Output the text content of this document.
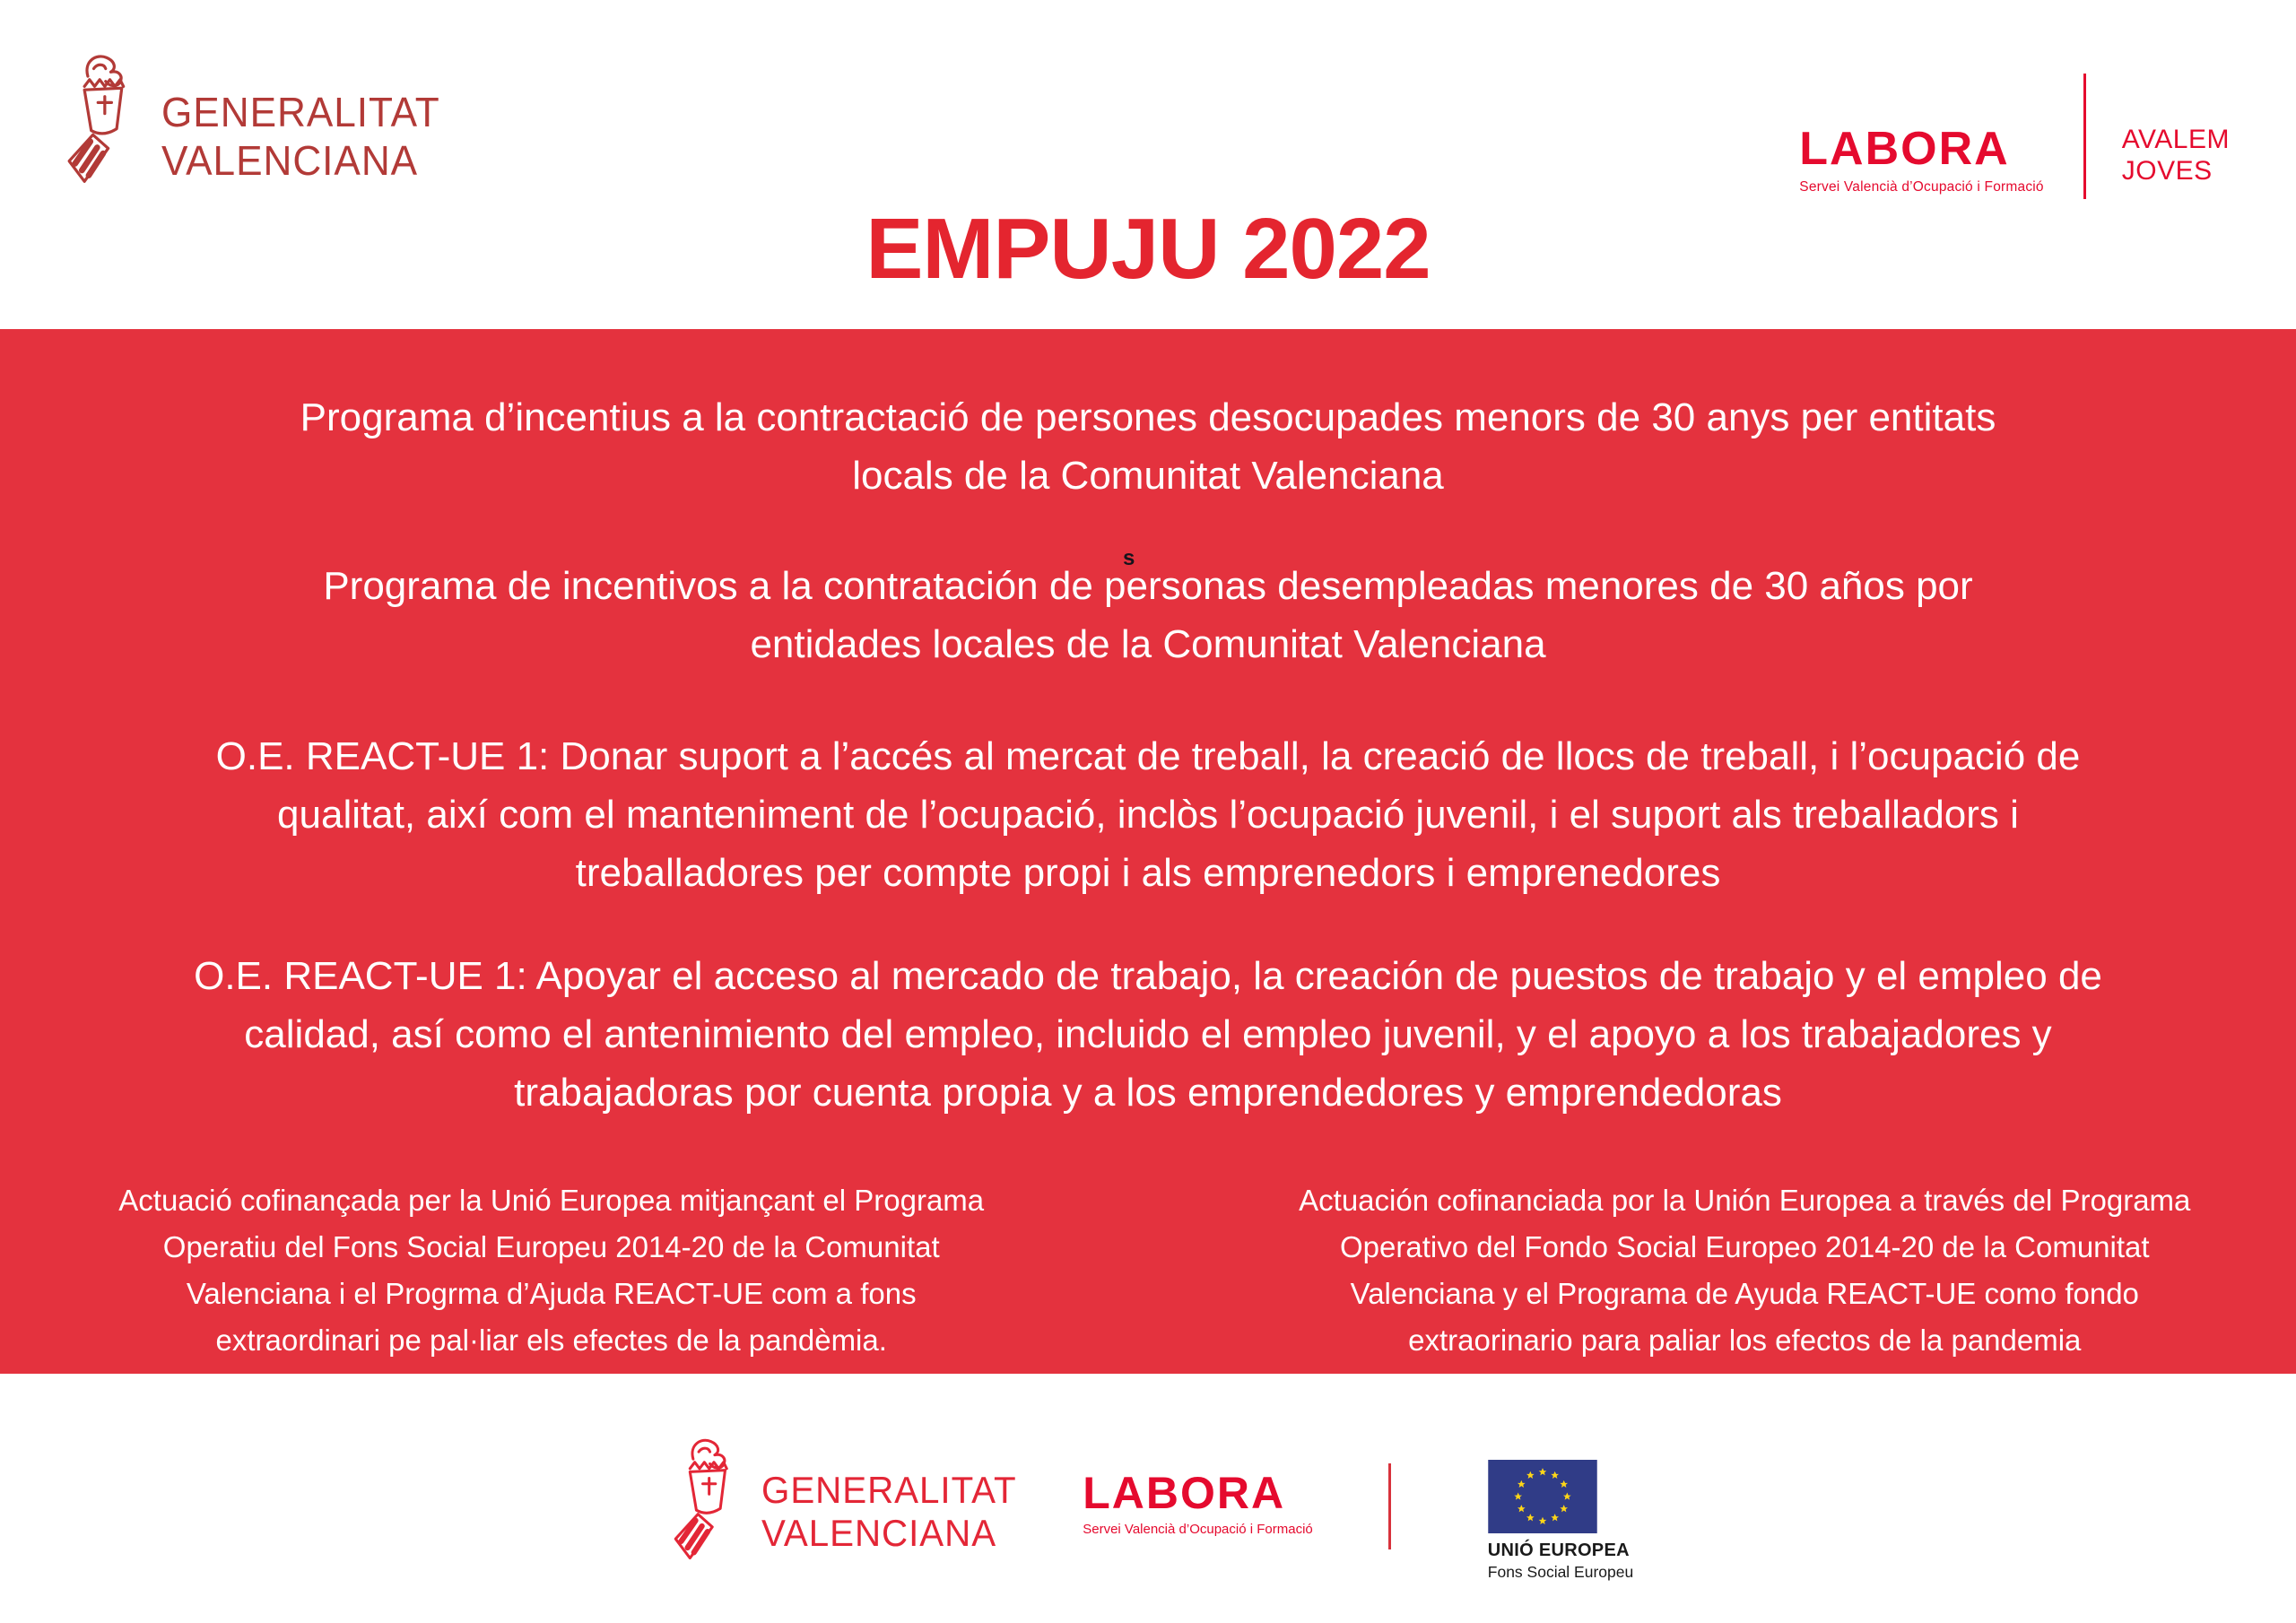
GENERALITAT
VALENCIANA	LABORA
Servei Valencià d’Ocupació i Formació
AVALEM
JOVES
EMPUJU 2022
s
Programa d’incentius a la contractació de persones desocupades menors de 30 anys per entitats
locals de la Comunitat Valenciana
Programa de incentivos a la contratación de personas desempleadas menores de 30 años por
entidades locales de la Comunitat Valenciana
O.E. REACT-UE 1: Donar suport a l’accés al mercat de treball, la creació de llocs de treball, i l’ocupació de
qualitat, així com el manteniment de l’ocupació, inclòs l’ocupació juvenil, i el suport als treballadors i
treballadores per compte propi i als emprenedors i emprenedores
O.E. REACT-UE 1: Apoyar el acceso al mercado de trabajo, la creación de puestos de trabajo y el empleo de
calidad, así como el antenimiento del empleo, incluido el empleo juvenil, y el apoyo a los trabajadores y
trabajadoras por cuenta propia y a los emprendedores y emprendedoras
Actuació cofinançada per la Unió Europea mitjançant el Programa
Operatiu del Fons Social Europeu 2014-20 de la Comunitat
Valenciana i el Progrma d’Ajuda REACT-UE com a fons
extraordinari pe pal·liar els efectes de la pandèmia.
Actuación cofinanciada por la Unión Europea a través del Programa
Operativo del Fondo Social Europeo 2014-20 de la Comunitat
Valenciana y el Programa de Ayuda REACT-UE como fondo
extraorinario para paliar los efectos de la pandemia
GENERALITAT
VALENCIANA
LABORA
Servei Valencià d’Ocupació i Formació
UNIÓ EUROPEA
Fons Social Europeu
